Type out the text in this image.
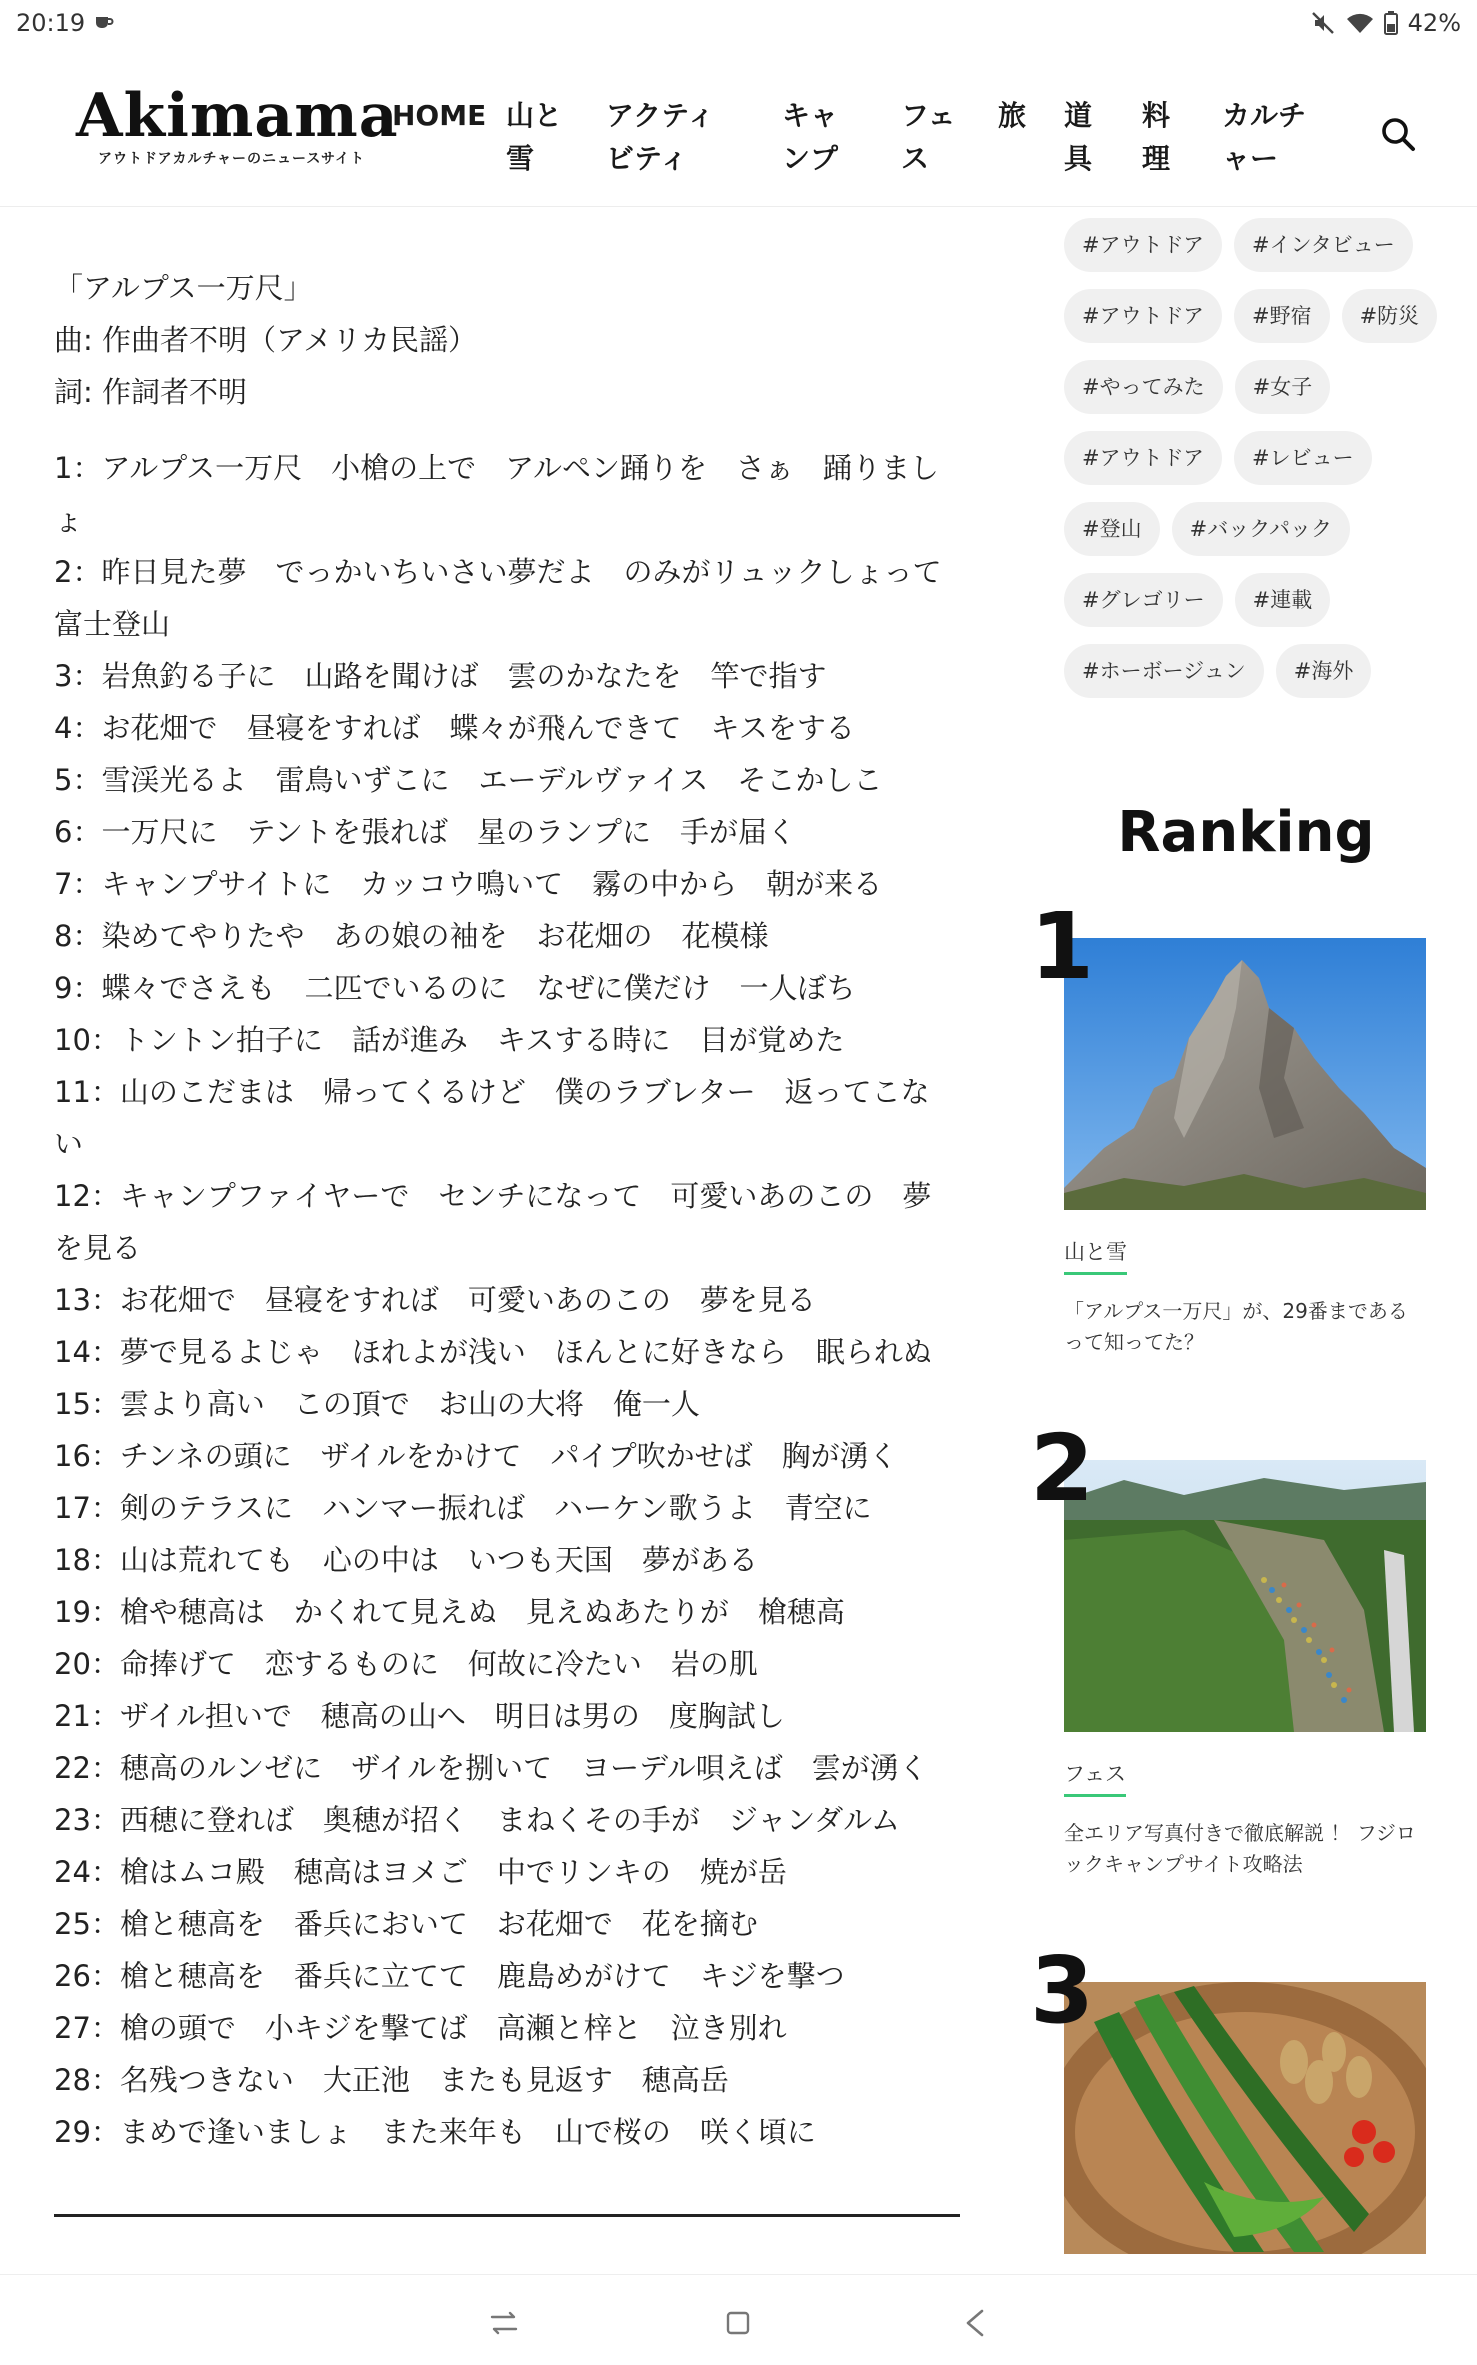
20:19	42%
Akimama
アウトドアカルチャーのニュースサイト
HOME 山と雪
アクティビティ
キャンプ
フェス
旅 道具
料理
カルチャー
「アルプス一万尺」
曲: 作曲者不明（アメリカ民謡）
詞: 作詞者不明
1：アルプス一万尺　小槍の上で　アルペン踊りを　さぁ　踊りましょ
2：昨日見た夢　でっかいちいさい夢だよ　のみがリュックしょって富士登山
3：岩魚釣る子に　山路を聞けば　雲のかなたを　竿で指す
4：お花畑で　昼寝をすれば　蝶々が飛んできて　キスをする
5：雪渓光るよ　雷鳥いずこに　エーデルヴァイス　そこかしこ
6：一万尺に　テントを張れば　星のランプに　手が届く
7：キャンプサイトに　カッコウ鳴いて　霧の中から　朝が来る
8：染めてやりたや　あの娘の袖を　お花畑の　花模様
9：蝶々でさえも　二匹でいるのに　なぜに僕だけ　一人ぼち
10：トントン拍子に　話が進み　キスする時に　目が覚めた
11：山のこだまは　帰ってくるけど　僕のラブレター　返ってこない
12：キャンプファイヤーで　センチになって　可愛いあのこの　夢を見る
13：お花畑で　昼寝をすれば　可愛いあのこの　夢を見る
14：夢で見るよじゃ　ほれよが浅い　ほんとに好きなら　眠られぬ
15：雲より高い　この頂で　お山の大将　俺一人
16：チンネの頭に　ザイルをかけて　パイプ吹かせば　胸が湧く
17：剣のテラスに　ハンマー振れば　ハーケン歌うよ　青空に
18：山は荒れても　心の中は　いつも天国　夢がある
19：槍や穂高は　かくれて見えぬ　見えぬあたりが　槍穂高
20：命捧げて　恋するものに　何故に冷たい　岩の肌
21：ザイル担いで　穂高の山へ　明日は男の　度胸試し
22：穂高のルンゼに　ザイルを捌いて　ヨーデル唄えば　雲が湧く
23：西穂に登れば　奥穂が招く　まねくその手が　ジャンダルム
24：槍はムコ殿　穂高はヨメご　中でリンキの　焼が岳
25：槍と穂高を　番兵において　お花畑で　花を摘む
26：槍と穂高を　番兵に立てて　鹿島めがけて　キジを撃つ
27：槍の頭で　小キジを撃てば　高瀬と梓と　泣き別れ
28：名残つきない　大正池　またも見返す　穂高岳
29：まめで逢いましょ　また来年も　山で桜の　咲く頃に
#アウトドア	#インタビュー
#アウトドア	#野宿	#防災
#やってみた	#女子
#アウトドア	#レビュー
#登山	#バックパック
#グレゴリー	#連載
#ホーボージュン	#海外
Ranking
1
山と雪
「アルプス一万尺」が、29番まであるって知ってた？
2
フェス
全エリア写真付きで徹底解説 ！ フジロックキャンプサイト攻略法
3
